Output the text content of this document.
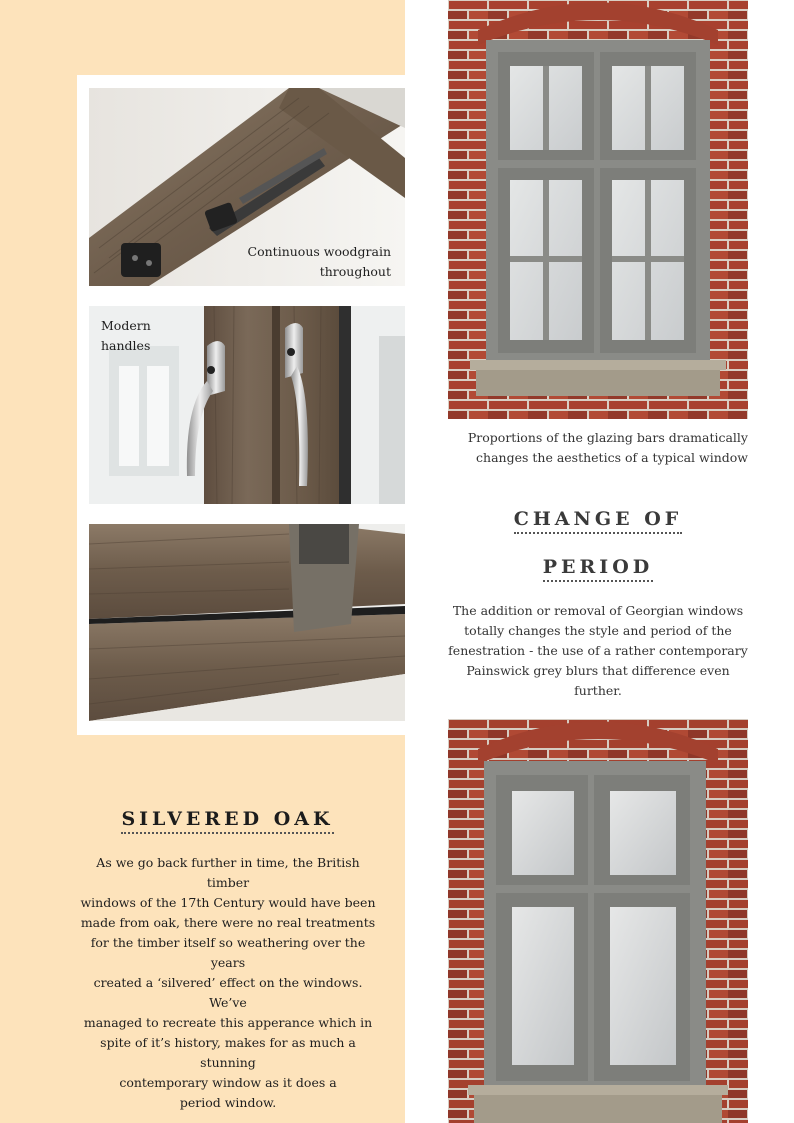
Continuous woodgrain
throughout
Modern
handles
Proportions of the glazing bars dramatically
changes the aesthetics of a typical window
CHANGE OF
PERIOD
The addition or removal of Georgian windows
totally changes the style and period of the
fenestration - the use of a rather contemporary
Painswick grey blurs that difference even further.
SILVERED OAK
As we go back further in time, the British timber
windows of the 17th Century would have been
made from oak, there were no real treatments
for the timber itself so weathering over the years
created a ‘silvered’ effect on the windows. We’ve
managed to recreate this apperance which in
spite of it’s history, makes for as much a stunning
contemporary window as it does a
period window.
